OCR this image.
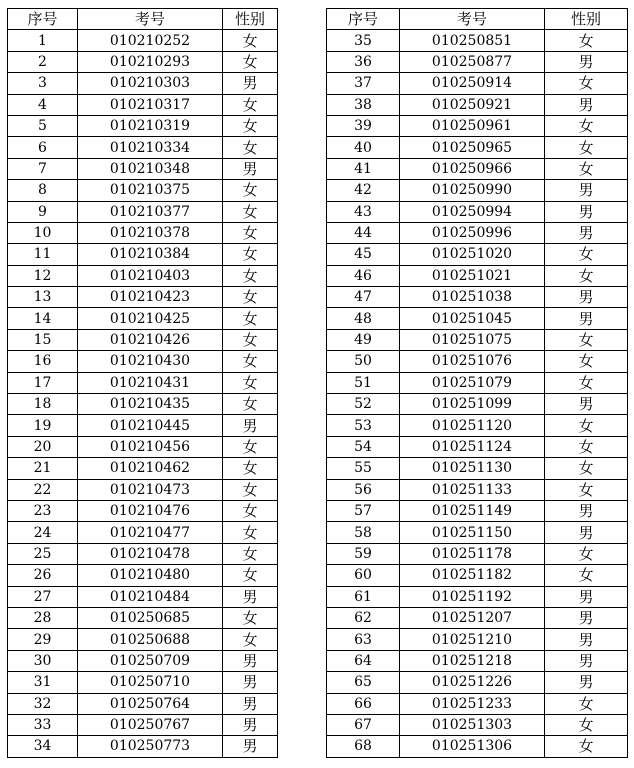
序号	考号	性别
1	010210252	女
2	010210293	女
3	010210303	男
4	010210317	女
5	010210319	女
6	010210334	女
7	010210348	男
8	010210375	女
9	010210377	女
10	010210378	女
11	010210384	女
12	010210403	女
13	010210423	女
14	010210425	女
15	010210426	女
16	010210430	女
17	010210431	女
18	010210435	女
19	010210445	男
20	010210456	女
21	010210462	女
22	010210473	女
23	010210476	女
24	010210477	女
25	010210478	女
26	010210480	女
27	010210484	男
28	010250685	女
29	010250688	女
30	010250709	男
31	010250710	男
32	010250764	男
33	010250767	男
34	010250773	男
序号	考号	性别
35	010250851	女
36	010250877	男
37	010250914	女
38	010250921	男
39	010250961	女
40	010250965	女
41	010250966	女
42	010250990	男
43	010250994	男
44	010250996	男
45	010251020	女
46	010251021	女
47	010251038	男
48	010251045	男
49	010251075	女
50	010251076	女
51	010251079	女
52	010251099	男
53	010251120	女
54	010251124	女
55	010251130	女
56	010251133	女
57	010251149	男
58	010251150	男
59	010251178	女
60	010251182	女
61	010251192	男
62	010251207	男
63	010251210	男
64	010251218	男
65	010251226	男
66	010251233	女
67	010251303	女
68	010251306	女
